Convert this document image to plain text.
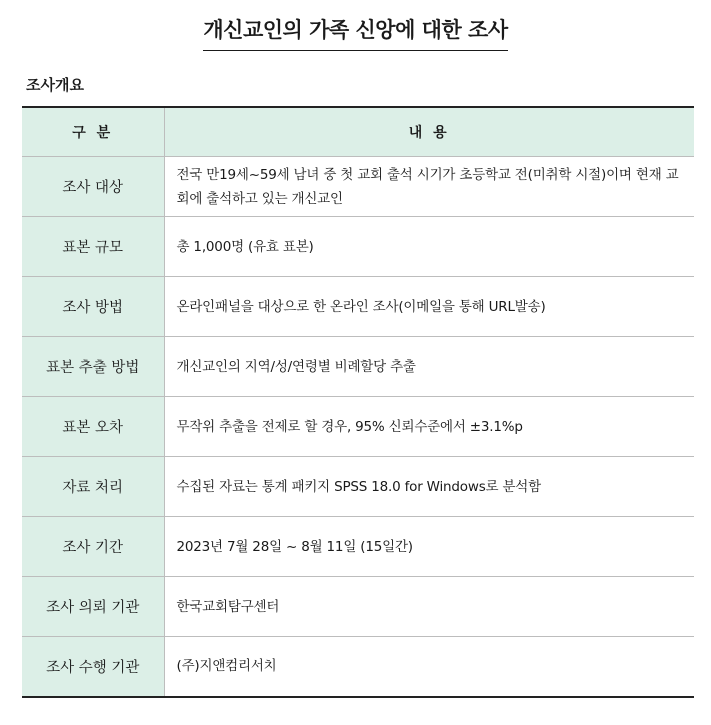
개신교인의 가족 신앙에 대한 조사
조사개요
구 분	내 용
조사 대상	전국 만19세~59세 남녀 중 첫 교회 출석 시기가 초등학교 전(미취학 시절)이며 현재 교회에 출석하고 있는 개신교인
표본 규모	총 1,000명 (유효 표본)
조사 방법	온라인패널을 대상으로 한 온라인 조사(이메일을 통해 URL발송)
표본 추출 방법	개신교인의 지역/성/연령별 비례할당 추출
표본 오차	무작위 추출을 전제로 할 경우, 95% 신뢰수준에서 ±3.1%p
자료 처리	수집된 자료는 통계 패키지 SPSS 18.0 for Windows로 분석함
조사 기간	2023년 7월 28일 ~ 8월 11일 (15일간)
조사 의뢰 기관	한국교회탐구센터
조사 수행 기관	(주)지앤컴리서치
